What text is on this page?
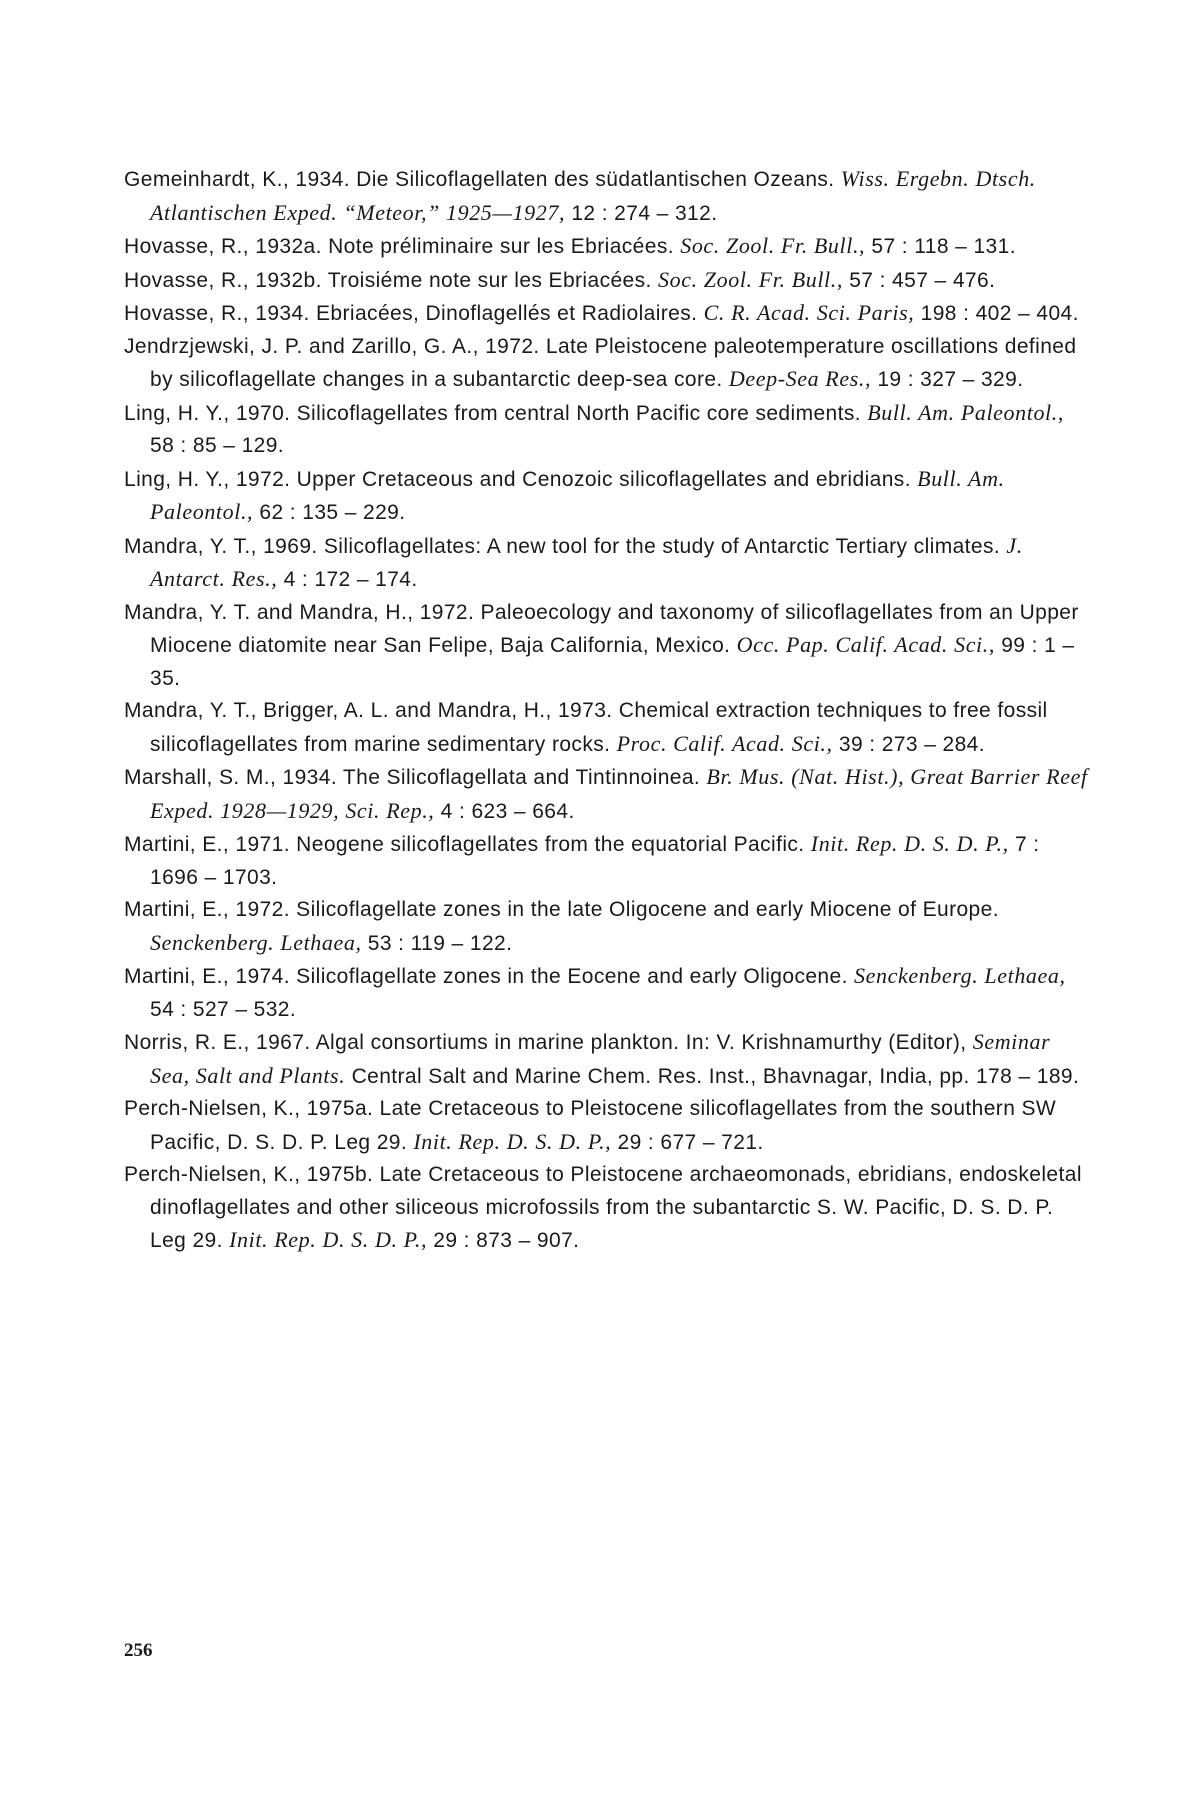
Gemeinhardt, K., 1934. Die Silicoflagellaten des südatlantischen Ozeans. Wiss. Ergebn. Dtsch. Atlantischen Exped. “Meteor,” 1925—1927, 12 : 274 – 312.
Hovasse, R., 1932a. Note préliminaire sur les Ebriacées. Soc. Zool. Fr. Bull., 57 : 118 – 131.
Hovasse, R., 1932b. Troisiéme note sur les Ebriacées. Soc. Zool. Fr. Bull., 57 : 457 – 476.
Hovasse, R., 1934. Ebriacées, Dinoflagellés et Radiolaires. C. R. Acad. Sci. Paris, 198 : 402 – 404.
Jendrzjewski, J. P. and Zarillo, G. A., 1972. Late Pleistocene paleotemperature oscillations defined by silicoflagellate changes in a subantarctic deep-sea core. Deep-Sea Res., 19 : 327 – 329.
Ling, H. Y., 1970. Silicoflagellates from central North Pacific core sediments. Bull. Am. Paleontol., 58 : 85 – 129.
Ling, H. Y., 1972. Upper Cretaceous and Cenozoic silicoflagellates and ebridians. Bull. Am. Paleontol., 62 : 135 – 229.
Mandra, Y. T., 1969. Silicoflagellates: A new tool for the study of Antarctic Tertiary climates. J. Antarct. Res., 4 : 172 – 174.
Mandra, Y. T. and Mandra, H., 1972. Paleoecology and taxonomy of silicoflagellates from an Upper Miocene diatomite near San Felipe, Baja California, Mexico. Occ. Pap. Calif. Acad. Sci., 99 : 1 – 35.
Mandra, Y. T., Brigger, A. L. and Mandra, H., 1973. Chemical extraction techniques to free fossil silicoflagellates from marine sedimentary rocks. Proc. Calif. Acad. Sci., 39 : 273 – 284.
Marshall, S. M., 1934. The Silicoflagellata and Tintinnoinea. Br. Mus. (Nat. Hist.), Great Barrier Reef Exped. 1928—1929, Sci. Rep., 4 : 623 – 664.
Martini, E., 1971. Neogene silicoflagellates from the equatorial Pacific. Init. Rep. D. S. D. P., 7 : 1696 – 1703.
Martini, E., 1972. Silicoflagellate zones in the late Oligocene and early Miocene of Europe. Senckenberg. Lethaea, 53 : 119 – 122.
Martini, E., 1974. Silicoflagellate zones in the Eocene and early Oligocene. Senckenberg. Lethaea, 54 : 527 – 532.
Norris, R. E., 1967. Algal consortiums in marine plankton. In: V. Krishnamurthy (Editor), Seminar Sea, Salt and Plants. Central Salt and Marine Chem. Res. Inst., Bhavnagar, India, pp. 178 – 189.
Perch-Nielsen, K., 1975a. Late Cretaceous to Pleistocene silicoflagellates from the southern SW Pacific, D. S. D. P. Leg 29. Init. Rep. D. S. D. P., 29 : 677 – 721.
Perch-Nielsen, K., 1975b. Late Cretaceous to Pleistocene archaeomonads, ebridians, endoskeletal dinoflagellates and other siliceous microfossils from the subantarctic S. W. Pacific, D. S. D. P. Leg 29. Init. Rep. D. S. D. P., 29 : 873 – 907.
256
